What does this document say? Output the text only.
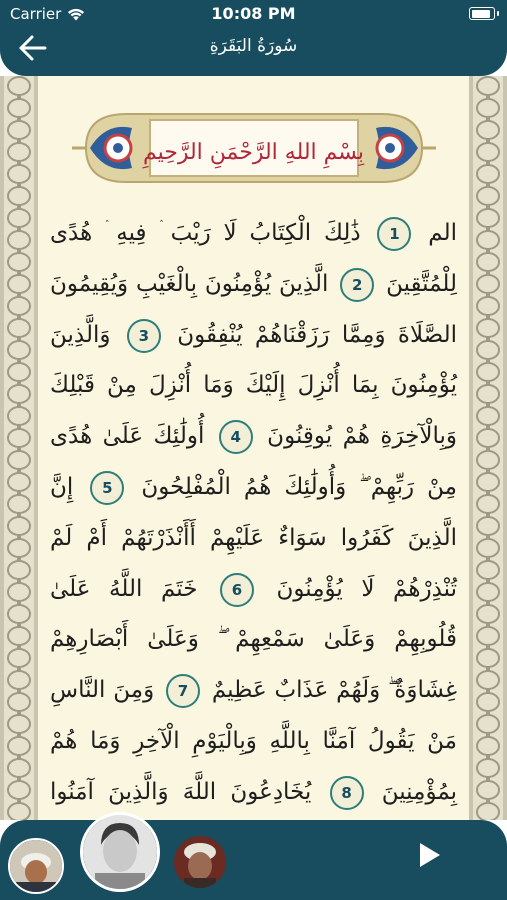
Carrier	10:08 PM
سُورَةُ البَقَرَةِ
بِسْمِ اللهِ الرَّحْمَنِ الرَّحِيمِ
الم 1 ذَٰلِكَ الْكِتَابُ لَا رَيْبَ ۛ فِيهِ ۛ هُدًى لِلْمُتَّقِينَ 2 الَّذِينَ يُؤْمِنُونَ بِالْغَيْبِ وَيُقِيمُونَ الصَّلَاةَ وَمِمَّا رَزَقْنَاهُمْ يُنْفِقُونَ 3 وَالَّذِينَ يُؤْمِنُونَ بِمَا أُنْزِلَ إِلَيْكَ وَمَا أُنْزِلَ مِنْ قَبْلِكَ وَبِالْآخِرَةِ هُمْ يُوقِنُونَ 4 أُولَٰئِكَ عَلَىٰ هُدًى مِنْ رَبِّهِمْ ۖ وَأُولَٰئِكَ هُمُ الْمُفْلِحُونَ 5 إِنَّ الَّذِينَ كَفَرُوا سَوَاءٌ عَلَيْهِمْ أَأَنْذَرْتَهُمْ أَمْ لَمْ تُنْذِرْهُمْ لَا يُؤْمِنُونَ 6 خَتَمَ اللَّهُ عَلَىٰ قُلُوبِهِمْ وَعَلَىٰ سَمْعِهِمْ ۖ وَعَلَىٰ أَبْصَارِهِمْ غِشَاوَةٌ ۖ وَلَهُمْ عَذَابٌ عَظِيمٌ 7 وَمِنَ النَّاسِ مَنْ يَقُولُ آمَنَّا بِاللَّهِ وَبِالْيَوْمِ الْآخِرِ وَمَا هُمْ بِمُؤْمِنِينَ 8 يُخَادِعُونَ اللَّهَ وَالَّذِينَ آمَنُوا
